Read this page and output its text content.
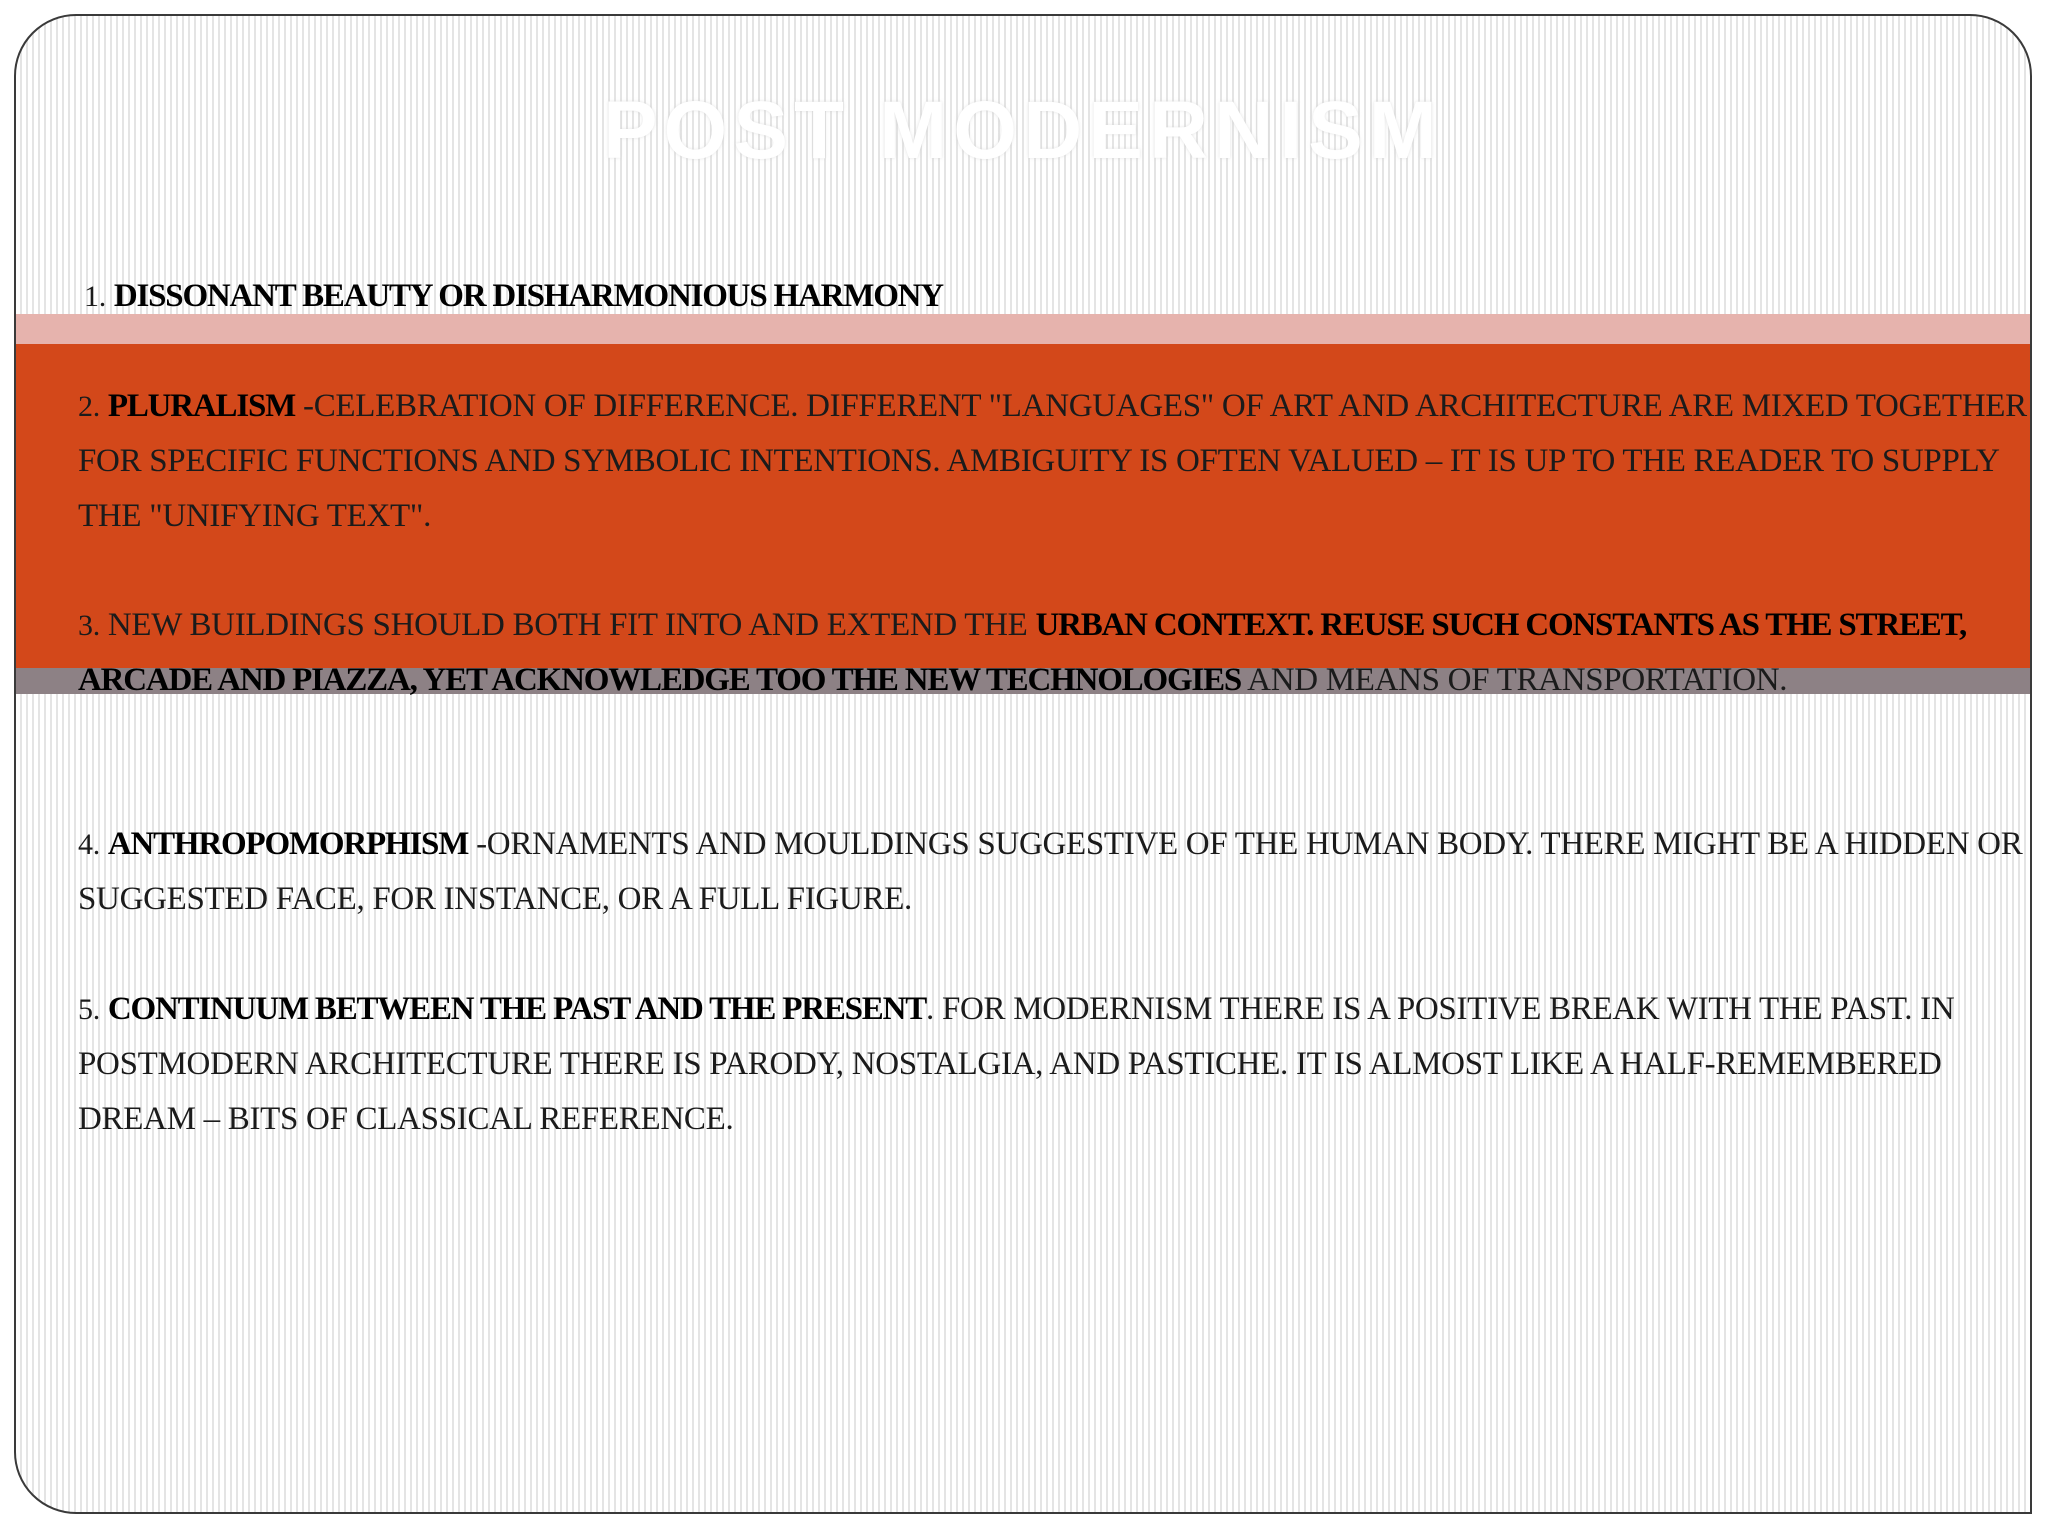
POST MODERNISM
1. DISSONANT BEAUTY OR DISHARMONIOUS HARMONY
2. PLURALISM -CELEBRATION OF DIFFERENCE. DIFFERENT "LANGUAGES" OF ART AND ARCHITECTURE ARE MIXED TOGETHER FOR SPECIFIC FUNCTIONS AND SYMBOLIC INTENTIONS. AMBIGUITY IS OFTEN VALUED – IT IS UP TO THE READER TO SUPPLY THE "UNIFYING TEXT".
3. NEW BUILDINGS SHOULD BOTH FIT INTO AND EXTEND THE URBAN CONTEXT. REUSE SUCH CONSTANTS AS THE STREET, ARCADE AND PIAZZA, YET ACKNOWLEDGE TOO THE NEW TECHNOLOGIES AND MEANS OF TRANSPORTATION.
4. ANTHROPOMORPHISM -ORNAMENTS AND MOULDINGS SUGGESTIVE OF THE HUMAN BODY. THERE MIGHT BE A HIDDEN OR SUGGESTED FACE, FOR INSTANCE, OR A FULL FIGURE.
5. CONTINUUM BETWEEN THE PAST AND THE PRESENT. FOR MODERNISM THERE IS A POSITIVE BREAK WITH THE PAST. IN POSTMODERN ARCHITECTURE THERE IS PARODY, NOSTALGIA, AND PASTICHE. IT IS ALMOST LIKE A HALF-REMEMBERED DREAM – BITS OF CLASSICAL REFERENCE.
